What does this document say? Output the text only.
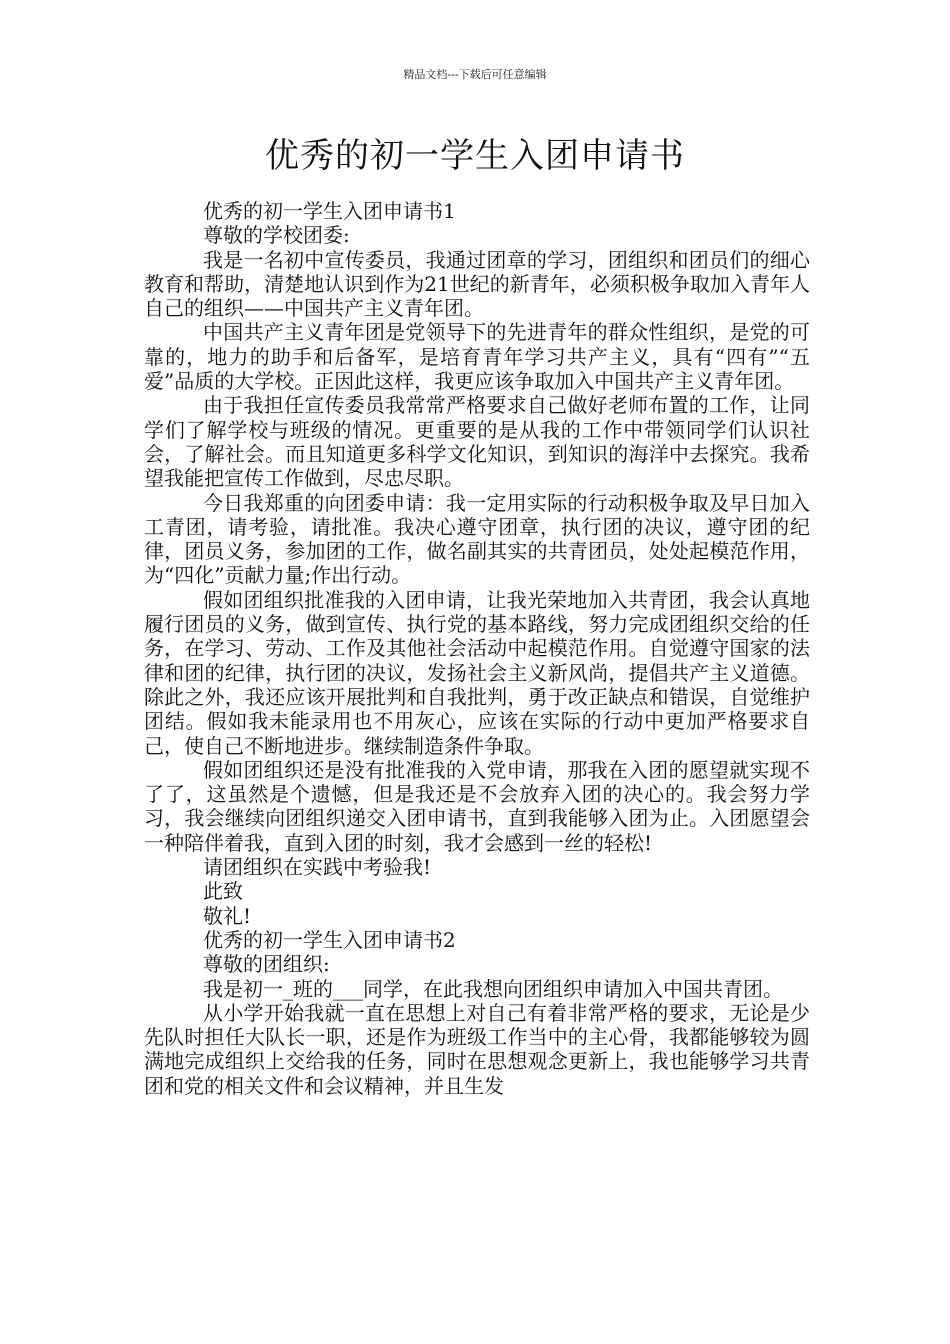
精品文档---下载后可任意编辑
优秀的初一学生入团申请书

优秀的初一学生入团申请书1

尊敬的学校团委:

我是一名初中宣传委员，我通过团章的学习，团组织和团员们的细心教育和帮助，清楚地认识到作为21世纪的新青年，必须积极争取加入青年人自己的组织——中国共产主义青年团。

中国共产主义青年团是党领导下的先进青年的群众性组织，是党的可靠的，地力的助手和后备军，是培育青年学习共产主义，具有“四有”“五爱”品质的大学校。正因此这样，我更应该争取加入中国共产主义青年团。

由于我担任宣传委员我常常严格要求自己做好老师布置的工作，让同学们了解学校与班级的情况。更重要的是从我的工作中带领同学们认识社会，了解社会。而且知道更多科学文化知识，到知识的海洋中去探究。我希望我能把宣传工作做到，尽忠尽职。

今日我郑重的向团委申请：我一定用实际的行动积极争取及早日加入工青团，请考验，请批准。我决心遵守团章，执行团的决议，遵守团的纪律，团员义务，参加团的工作，做名副其实的共青团员，处处起模范作用，为“四化”贡献力量;作出行动。

假如团组织批准我的入团申请，让我光荣地加入共青团，我会认真地履行团员的义务，做到宣传、执行党的基本路线，努力完成团组织交给的任务，在学习、劳动、工作及其他社会活动中起模范作用。自觉遵守国家的法律和团的纪律，执行团的决议，发扬社会主义新风尚，提倡共产主义道德。除此之外，我还应该开展批判和自我批判，勇于改正缺点和错误，自觉维护团结。假如我未能录用也不用灰心，应该在实际的行动中更加严格要求自己，使自己不断地进步。继续制造条件争取。

假如团组织还是没有批准我的入党申请，那我在入团的愿望就实现不了了，这虽然是个遗憾，但是我还是不会放弃入团的决心的。我会努力学习，我会继续向团组织递交入团申请书，直到我能够入团为止。入团愿望会一种陪伴着我，直到入团的时刻，我才会感到一丝的轻松!

请团组织在实践中考验我!

此致

敬礼!

优秀的初一学生入团申请书2

尊敬的团组织:

我是初一_班的___同学，在此我想向团组织申请加入中国共青团。

从小学开始我就一直在思想上对自己有着非常严格的要求，无论是少先队时担任大队长一职，还是作为班级工作当中的主心骨，我都能够较为圆满地完成组织上交给我的任务，同时在思想观念更新上，我也能够学习共青团和党的相关文件和会议精神，并且生发
